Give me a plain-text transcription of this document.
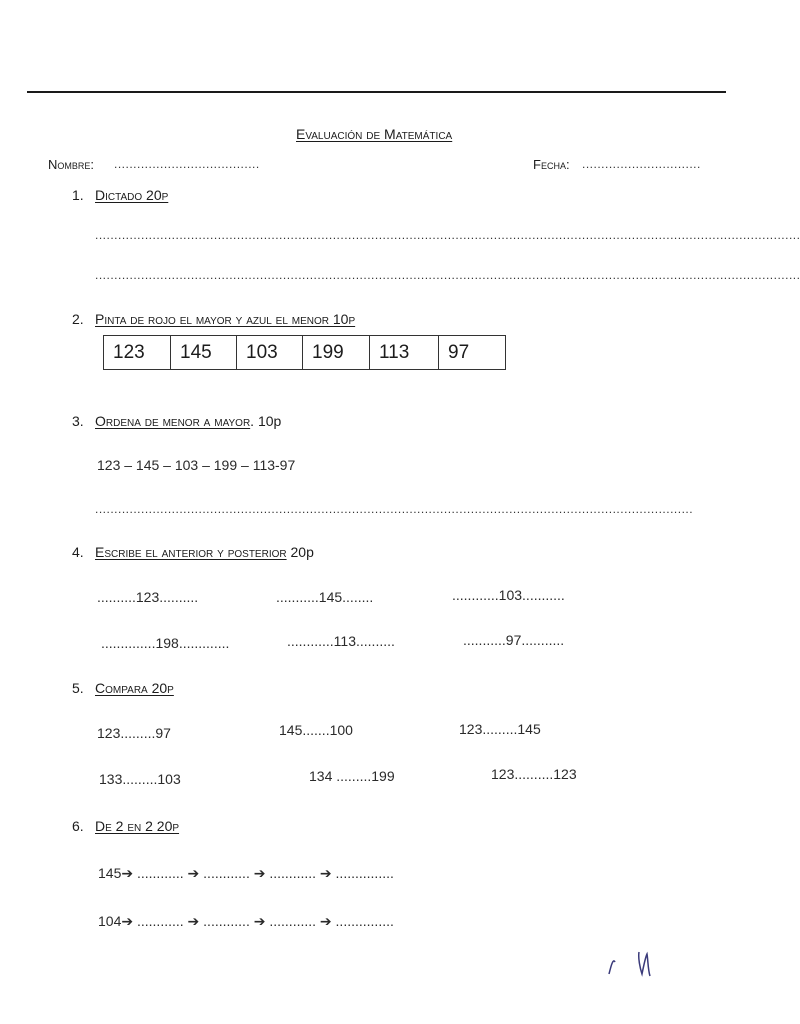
Evaluación de Matemática
Nombre: ......................................	Fecha: ...............................
1. Dictado 20p
........................................................................................................................................................................................
........................................................................................................................................................................................
2. Pinta de rojo el mayor y azul el menor 10p
123	145	103	199	113	97
3. Ordena de menor a mayor. 10p
123 – 145 – 103 – 199 – 113-97
............................................................................................................................................................
4. Escribe el anterior y posterior 20p
..........123..........	...........145........	............103...........
..............198.............	............113..........	...........97...........
5. Compara 20p
123.........97	145.......100	123.........145
133.........103	134 .........199	123..........123
6. De 2 en 2 20p
145➔ ............ ➔ ............ ➔ ............ ➔ ...............
104➔ ............ ➔ ............ ➔ ............ ➔ ...............
